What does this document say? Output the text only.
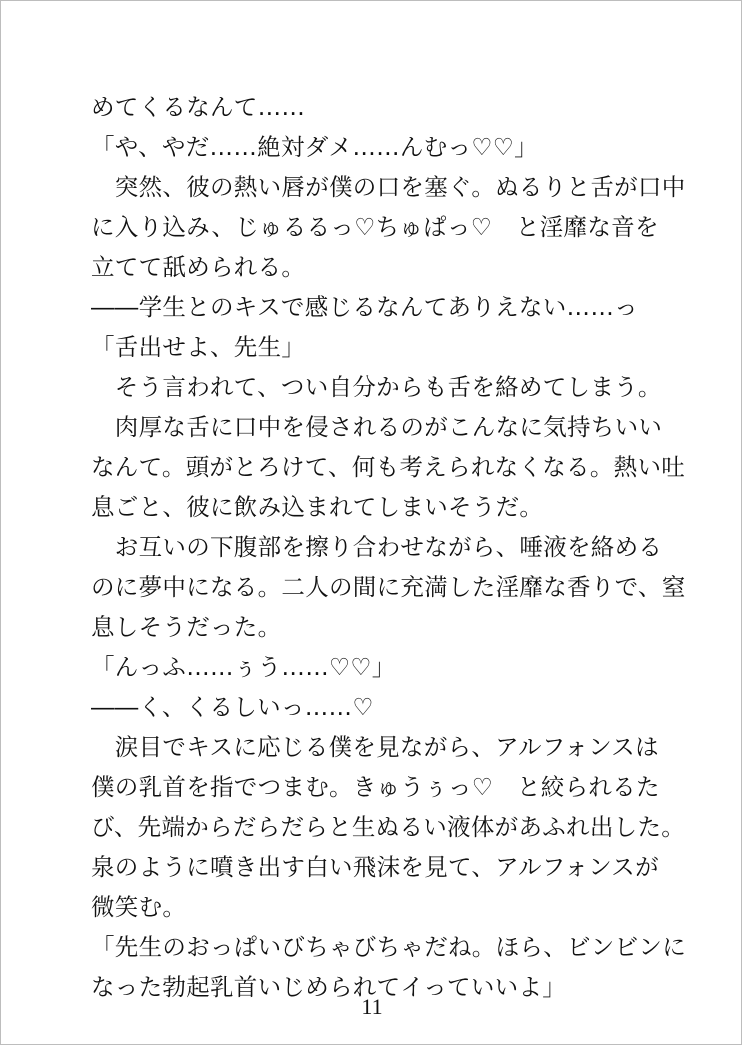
めてくるなんて……
「や、やだ……絶対ダメ……んむっ♡♡」
　突然、彼の熱い唇が僕の口を塞ぐ。ぬるりと舌が口中
に入り込み、じゅるるっ♡ちゅぱっ♡　と淫靡な音を
立てて舐められる。
――学生とのキスで感じるなんてありえない……っ
「舌出せよ、先生」
　そう言われて、つい自分からも舌を絡めてしまう。
　肉厚な舌に口中を侵されるのがこんなに気持ちいい
なんて。頭がとろけて、何も考えられなくなる。熱い吐
息ごと、彼に飲み込まれてしまいそうだ。
　お互いの下腹部を擦り合わせながら、唾液を絡める
のに夢中になる。二人の間に充満した淫靡な香りで、窒
息しそうだった。
「んっふ……ぅう……♡♡」
――く、くるしいっ……♡
　涙目でキスに応じる僕を見ながら、アルフォンスは
僕の乳首を指でつまむ。きゅうぅっ♡　と絞られるた
び、先端からだらだらと生ぬるい液体があふれ出した。
泉のように噴き出す白い飛沫を見て、アルフォンスが
微笑む。
「先生のおっぱいびちゃびちゃだね。ほら、ビンビンに
なった勃起乳首いじめられてイっていいよ」
11
